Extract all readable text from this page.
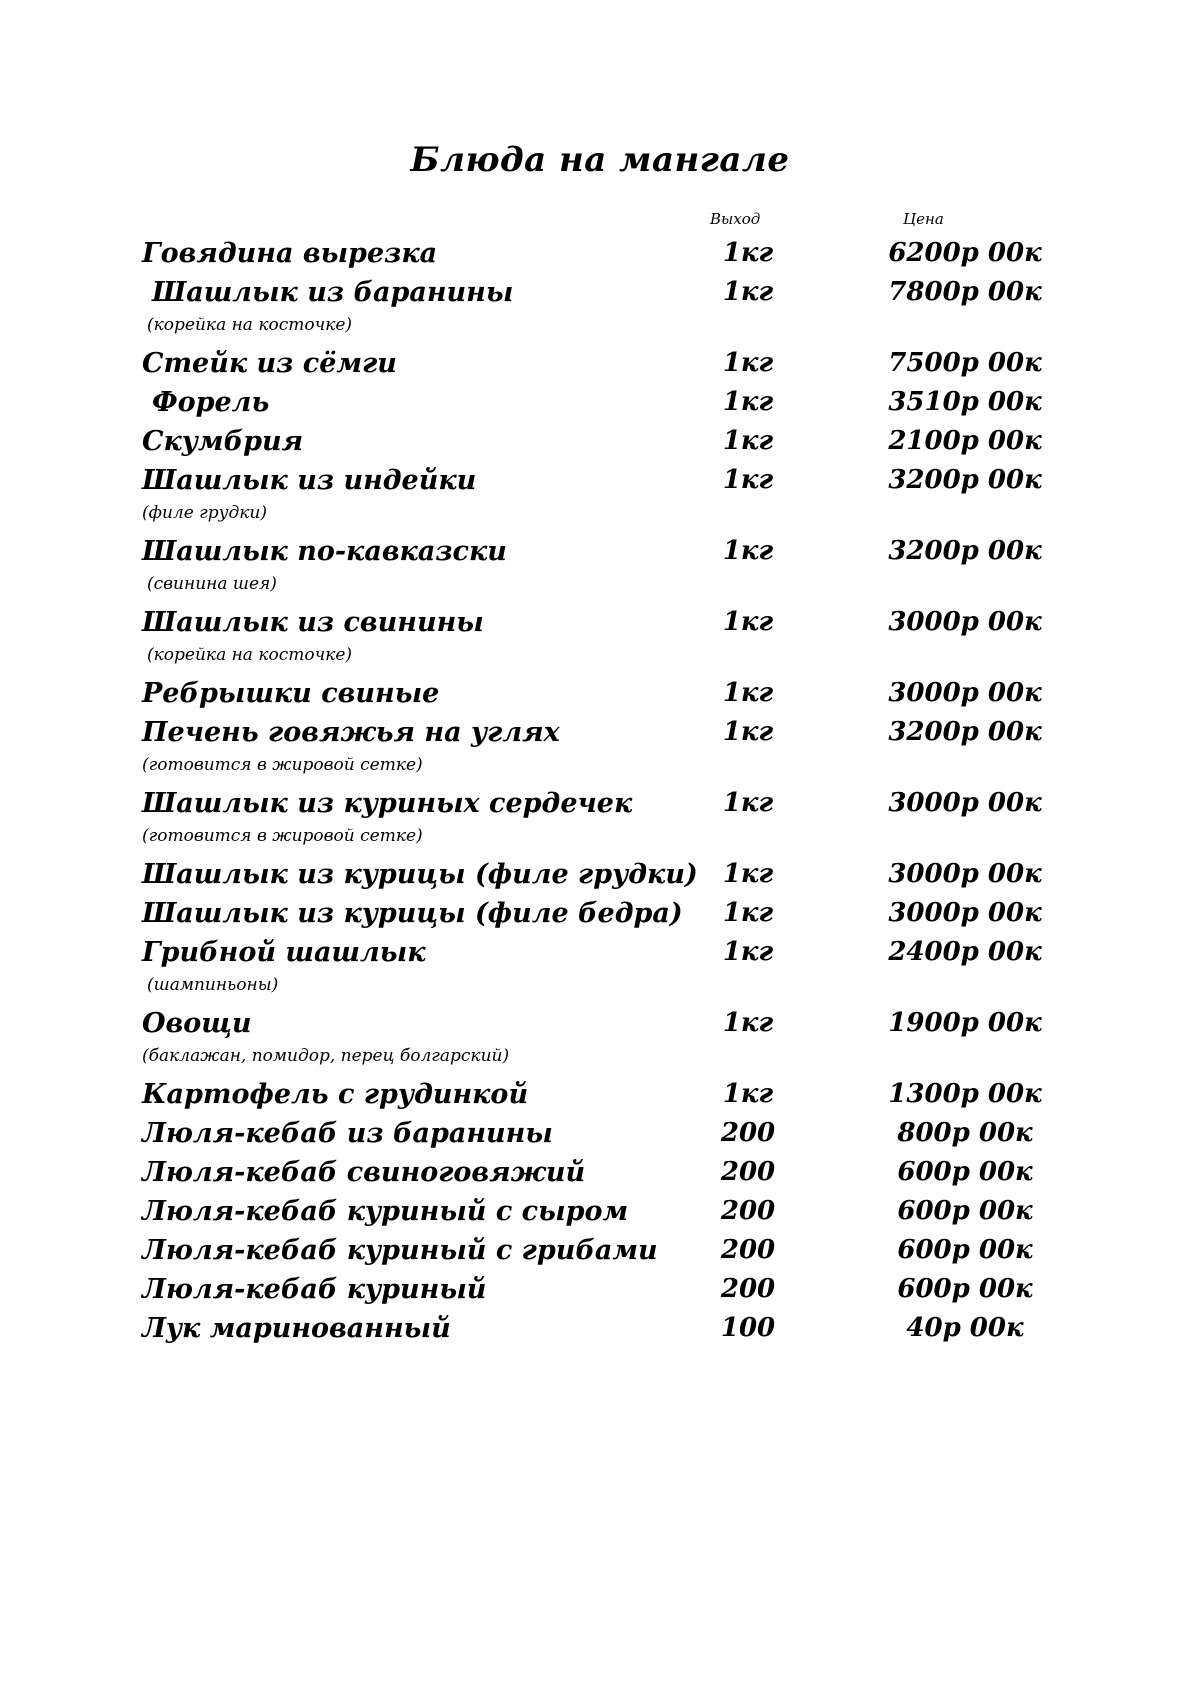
Блюда на мангале
Выход	Цена
Говядина вырезка	1кг	6200р 00к
Шашлык из баранины	1кг	7800р 00к
(корейка на косточке)
Стейк из сёмги	1кг	7500р 00к
Форель	1кг	3510р 00к
Скумбрия	1кг	2100р 00к
Шашлык из индейки	1кг	3200р 00к
(филе грудки)
Шашлык по-кавказски	1кг	3200р 00к
(свинина шея)
Шашлык из свинины	1кг	3000р 00к
(корейка на косточке)
Ребрышки свиные	1кг	3000р 00к
Печень говяжья на углях	1кг	3200р 00к
(готовится в жировой сетке)
Шашлык из куриных сердечек	1кг	3000р 00к
(готовится в жировой сетке)
Шашлык из курицы (филе грудки) 1кг	3000р 00к
Шашлык из курицы (филе бедра) 1кг	3000р 00к
Грибной шашлык	1кг	2400р 00к
(шампиньоны)
Овощи	1кг	1900р 00к
(баклажан, помидор, перец болгарский)
Картофель с грудинкой	1кг	1300р 00к
Люля-кебаб из баранины	200	800р 00к
Люля-кебаб свиноговяжий	200	600р 00к
Люля-кебаб куриный с сыром	200	600р 00к
Люля-кебаб куриный с грибами 200	600р 00к
Люля-кебаб куриный	200	600р 00к
Лук маринованный	100	40р 00к
